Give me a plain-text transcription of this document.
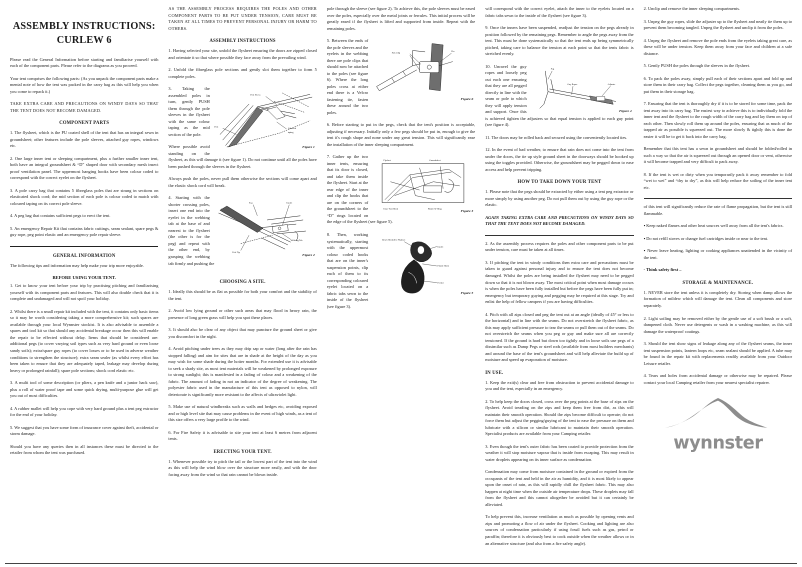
ASSEMBLY INSTRUCTIONS:
CURLEW 6

Please read the General Information before starting and familiarise yourself with each of the component parts. Please refer to the diagrams as you proceed.

Your tent comprises the following parts: (As you unpack the component parts make a mental note of how the tent was packed in the carry bag as this will help you when you come to repack it.)

TAKE EXTRA CARE AND PRECAUTIONS ON WINDY DAYS SO THAT THE TENT DOES NOT BECOME DAMAGED.

COMPONENT PARTS

1. The flysheet, which is the PU coated shell of the tent that has an integral sewn in groundsheet; other features include the pole sleeves, attached guy ropes, windows etc.

2. One large inner tent or sleeping compartment, plus a further smaller inner tent, both have an integral groundsheet & “D” shaped door with secondary mesh insect proof ventilation panel. The uppermost hanging hooks have been colour coded to correspond with the correct eyelet on the flysheet.

3. A pole carry bag that contains 5 fibreglass poles that are strung in sections on elasticated shock cord; the mid section of each pole is colour coded to match with coloured taping on its correct pole sleeve.

4. A peg bag that contains sufficient pegs to erect the tent.

5. An emergency Repair Kit that contains fabric cuttings, seam sealant, spare pegs & guy rope, peg point elastic and an emergency pole repair sleeve.

GENERAL INFORMATION

The following tips and information may help make your trip more enjoyable.

BEFORE USING YOUR TENT.

1. Get to know your tent before your trip by practising pitching and familiarising yourself with its component parts and features. This will also double check that it is complete and undamaged and will not spoil your holiday.

2. Whilst there is a small repair kit included with the tent, it contains only basic items so it may be worth considering taking a more comprehensive kit; such spares are available through your local Wynnster stockist. It is also advisable to assemble a spares and tool kit so that should any accidental breakage occur then this will enable the repair to be effected without delay. Items that should be considered are: additional pegs (to cover varying soil types such as very hard ground or even loose sandy soils); extra/spare guy ropes (to cover losses or to be used in adverse weather conditions to strengthen the structure); extra seam sealer (as whilst every effort has been taken to ensure that they are adequately taped, leakage may develop during heavy or prolonged rainfall); spare pole sections; shock cord elastic etc.

3. A multi tool of some description (or pliers, a pen knife and a junior hack saw), plus a roll of water proof tape and some quick drying, multi-purpose glue will get you out of most difficulties.

4. A rubber mallet will help you cope with very hard ground plus a tent peg extractor for the end of your holiday.

5. We suggest that you have some form of insurance cover against theft, accidental or storm damage.

Should you have any queries then in all instances these must be directed to the retailer from whom the tent was purchased.

AS THE ASSEMBLY PROCESS REQUIRES THE POLES AND OTHER COMPONENT PARTS TO BE PUT UNDER TENSION, CARE MUST BE TAKEN AT ALL TIMES TO PREVENT PERSONAL INJURY OR HARM TO OTHERS.

ASSEMBLY INSTRUCTIONS

1. Having selected your site, unfold the flysheet ensuring the doors are zipped closed and orientate it so that where possible they face away from the prevailing wind.

2. Unfold the fibreglass pole sections and gently slot them together to form 5 complete poles.

Pole Sleeve
Pole
Coloured
taping
Figure 1

3. Taking the assembled poles in turn, gently PUSH them through the pole sleeves in the flysheet with the same colour taping as the mid section of the pole.

Where possible avoid standing on the flysheet, as this will damage it (see figure 1). Do not continue until all the poles have been pushed through the sleeves in the flysheet.

Always push the poles, never pull them otherwise the sections will come apart and the elastic shock cord will break.

Peg	Eyelet
Webbing Tab
Pole Tip	Figure 2

4. Starting with the shorter crossing poles, insert one end into the eyelet in the webbing tab at the base of and nearest to the flysheet (the other is for the peg) and repeat with the other end, by grasping the webbing tab firmly and pushing the

CHOOSING A SITE.

1. Ideally this should be as flat as possible for both your comfort and the stability of the tent.

2. Avoid low lying ground or other such areas that may flood in heavy rain, the presence of long green grass will help you spot these places.

3. It should also be clear of any object that may puncture the ground sheet or give you discomfort in the night.

4. Avoid pitching under trees as they may drip sap or water (long after the rain has stopped falling) and aim for sites that are in shade at the height of the day as you may wish for some shade during the hotter months. For extended use it is advisable to seek a shady site, as most tent materials will be weakened by prolonged exposure to strong sunlight; this is manifested in a fading of colour and a weakening of the fabric. The amount of fading in not an indicator of the degree of weakening. The polyester fabric used in the manufacture of this tent as opposed to nylon, will deteriorate is significantly more resistant to the affects of ultraviolet light.

5. Make use of natural windbreaks such as walls and hedges etc, avoiding exposed and or high level site that may cause problems in the event of high winds, as a tent of this size offers a very large profile to the wind.

6. For Fire Safety it is advisable to site your tent at least 6 metres from adjacent tents.

ERECTING YOUR TENT.

1. Whenever possible try to pitch the tail or the lowest part of the tent into the wind as this will help the wind blow over the structure more easily, and with the door facing away from the wind so that rain cannot be blown inside.

pole through the sleeve (see figure 2). To achieve this, the pole sleeves must be eased over the poles, especially over the metal joints or ferrules. This initial process will be greatly eased if the flysheet is lifted and supported from inside. Repeat with the remaining poles.

Pole Clip
Pin
Figure 6

5. Between the ends of the pole sleeves and the eyelets in the webbing there are pole clips that should now be attached to the poles (see figure 6). Where the long poles cross at either end there is a Velcro fastening tie, fasten these around the two poles.

6. Before starting to put in the pegs, check that the tent's position is acceptable, adjusting if necessary. Initially only a few pegs should be put in, enough to give the tent it's rough shape and none under any great tension. This will significantly ease the installation of the inner sleeping compartment.

Flysheet	Groundsheet
Inner Tent Hook	Plastic 'D' Ring	Figure 3

7. Gather up the two inner tents, ensuring that its door is closed, and take them inside the flysheet. Start at the rear edge of the inner and clip the hooks that are on the corners of the groundsheet to the “D” rings located on the edge of the flysheet (see figure 5).

Down Hooked to Flysheet
Eyelet
Plastic Hook
Pocket
Figure 5

8. Then, working systematically, starting with the uppermost colour coded hooks that are on the inner's suspension points, clip each of them to its corresponding coloured eyelet located on a fabric tabs sewn to the inside of the flysheet (see figure 3).

will correspond with the correct eyelet, attach the inner to the eyelets located on a fabric tabs sewn to the inside of the flysheet (see figure 3).

9. Once the inners have been suspended, readjust the tension on the pegs already in position followed by the remaining pegs. Remember to angle the pegs away from the tent. This must be done systematically so that the tent ends up being symmetrically pitched, taking care to balance the tension at each point so that the tents fabric is stretched evenly.

Peg
Guy Ropes	Adjuster
Figure 4

10. Unravel the guy ropes and loosely peg out each one ensuring that they are all pegged directly in line with the seam or pole to which they will apply tension and support. Once this is achieved tighten the adjusters so that equal tension is applied to each guy point (see figure 4).

11. The doors may be rolled back and secured using the conveniently located ties.

12. In the event of bad weather, to ensure that rain does not come into the tent from under the doors, the tie up style ground sheet in the doorways should be hooked up using the toggles provided. Otherwise, the groundsheet may be pegged down to ease access and help prevent tripping.

HOW TO TAKE DOWN YOUR TENT

1. Please note that the pegs should be extracted by either using a tent peg extractor or more simply by using another peg. Do not pull them out by using the guy rope or the elastic.

AGAIN TAKING EXTRA CARE AND PRECAUTIONS ON WINDY DAYS SO THAT THE TENT DOES NOT BECOME DAMAGED.

2. As the assembly process requires the poles and other component parts to be put under tension, care must be taken at all times.

3. If pitching the tent in windy conditions then extra care and precautions must be taken to guard against personal injury and to ensure the tent does not become damaged. Whilst the poles are being installed the flysheet may need to be pegged down so that it is not blown away. The most critical point when most damage occurs is when the poles have been fully installed but before the pegs have been fully put in; emergency but temporary guying and pegging may be required at this stage. Try and enlist the help of fellow campers if you are having difficulties.

4. Pitch with all zips closed and peg the tent out at an angle (ideally of 45° or less to the horizontal) and in line with the seams. Do not overstretch the flysheet fabric, as this may apply sufficient pressure to tear the seams or pull them out of the seams. Do not overstretch the seams when you peg or guy and make sure all are correctly tensioned. If the ground is hard but down too tightly and in loose soils use pegs of a dissimilar such as Dump Pegs or steel rods (available from most builders merchants) and around the base of the tent's groundsheet and will help alleviate the build up of moisture and speed up evaporation of moisture.

IN USE.

1. Keep the exit(s) clear and free from obstruction to prevent accidental damage to you and the tent, especially in an emergency.

2. To help keep the doors closed, cross over the peg points at the base of zips on the flysheet. Avoid treading on the zips and keep them free from dirt, as this will maintain their smooth operation. Should the zips become difficult to operate; do not force them but adjust the pegging/guying of the tent to ease the pressure on them and lubricate with a silicon or similar lubricant to maintain their smooth operation. Specialist products are available from your Camping retailer.

3. Even though the tent's outer fabric has been coated to provide protection from the weather it will stop moisture vapour that is inside from escaping. This may result in water droplets appearing on its inner surface as condensation.

Condensation may come from moisture contained in the ground or expired from the occupants of the tent and held in the air as humidity, and it is most likely to appear upon the onset of rain, as this will rapidly chill the flysheet fabric. This may also happen at night time when the outside air temperature drops. These droplets may fall from the flysheet and this cannot altogether be avoided but it can certainly be alleviated.

To help prevent this, increase ventilation as much as possible by opening vents and zips and promoting a flow of air under the flysheet. Cooking and lighting are also sources of condensation particularly if using fossil fuels such as gas, petrol or paraffin; therefore it is obviously best to cook outside when the weather allows or in an alternative structure (and also from a fire safety angle).

2. Unclip and remove the inner sleeping compartments.

3. Unpeg the guy ropes, slide the adjuster up to the flysheet and neatly tie them up to prevent them becoming tangled. Unpeg the flysheet and unclip it from the poles.

4. Unpeg the flysheet and remove the pole ends from the eyelets taking great care, as these will be under tension. Keep them away from your face and children at a safe distance.

5. Gently PUSH the poles through the sleeves in the flysheet.

6. To pack the poles away, simply pull each of their sections apart and fold up and store them in their carry bag. Collect the pegs together, cleaning them as you go, and put them in their storage bag.

7. Ensuring that the tent is thoroughly dry if it is to be stored for some time, pack the tent away into its carry bag. The easiest way to achieve this is to individually fold the inner tent and the flysheet to the rough width of the carry bag and lay them on top of each other. Then slowly roll them up around the poles, ensuring that as much of the trapped air as possible is squeezed out. The more slowly & tightly this is done the easier it will be to get it back into the carry bag.

Remember that this tent has a sewn in groundsheet and should be folded/rolled in such a way so that the air is squeezed out through an opened door or vent, otherwise it will become trapped and very difficult to pack away.

8. If the tent is wet or dirty when you temporarily pack it away remember to fold “wet to wet” and “dry to dry”, as this will help reduce the soiling of the inner tent etc.

of this tent will significantly reduce the rate of flame propagation, but the tent is still flammable.

▪ Keep naked flames and other heat sources well away from all the tent's fabrics.

▪ Do not refill stoves or change fuel cartridges inside or near to the tent.

▪ Never leave heating, lighting or cooking appliances unattended in the vicinity of the tent.

- Think safety first –

STORAGE & MAINTENANCE.

1. NEVER store the tent unless it is completely dry. Storing when damp allows the formation of mildew which will damage the tent. Clean all components and store separately.

2. Light soiling may be removed either by the gentle use of a soft brush or a soft, dampened cloth. Never use detergents or wash in a washing machine, as this will damage the waterproof coatings.

3. Should the tent show signs of leakage along any of the flysheet seams, the inner tent suspension points, lantern loops etc, seam sealant should be applied. A tube may be found in the repair kit with replacements readily available from your Outdoor Leisure retailer.

4. Tears and holes from accidental damage or otherwise may be repaired. Please contact your local Camping retailer from your nearest specialist repairer.

wynnster
